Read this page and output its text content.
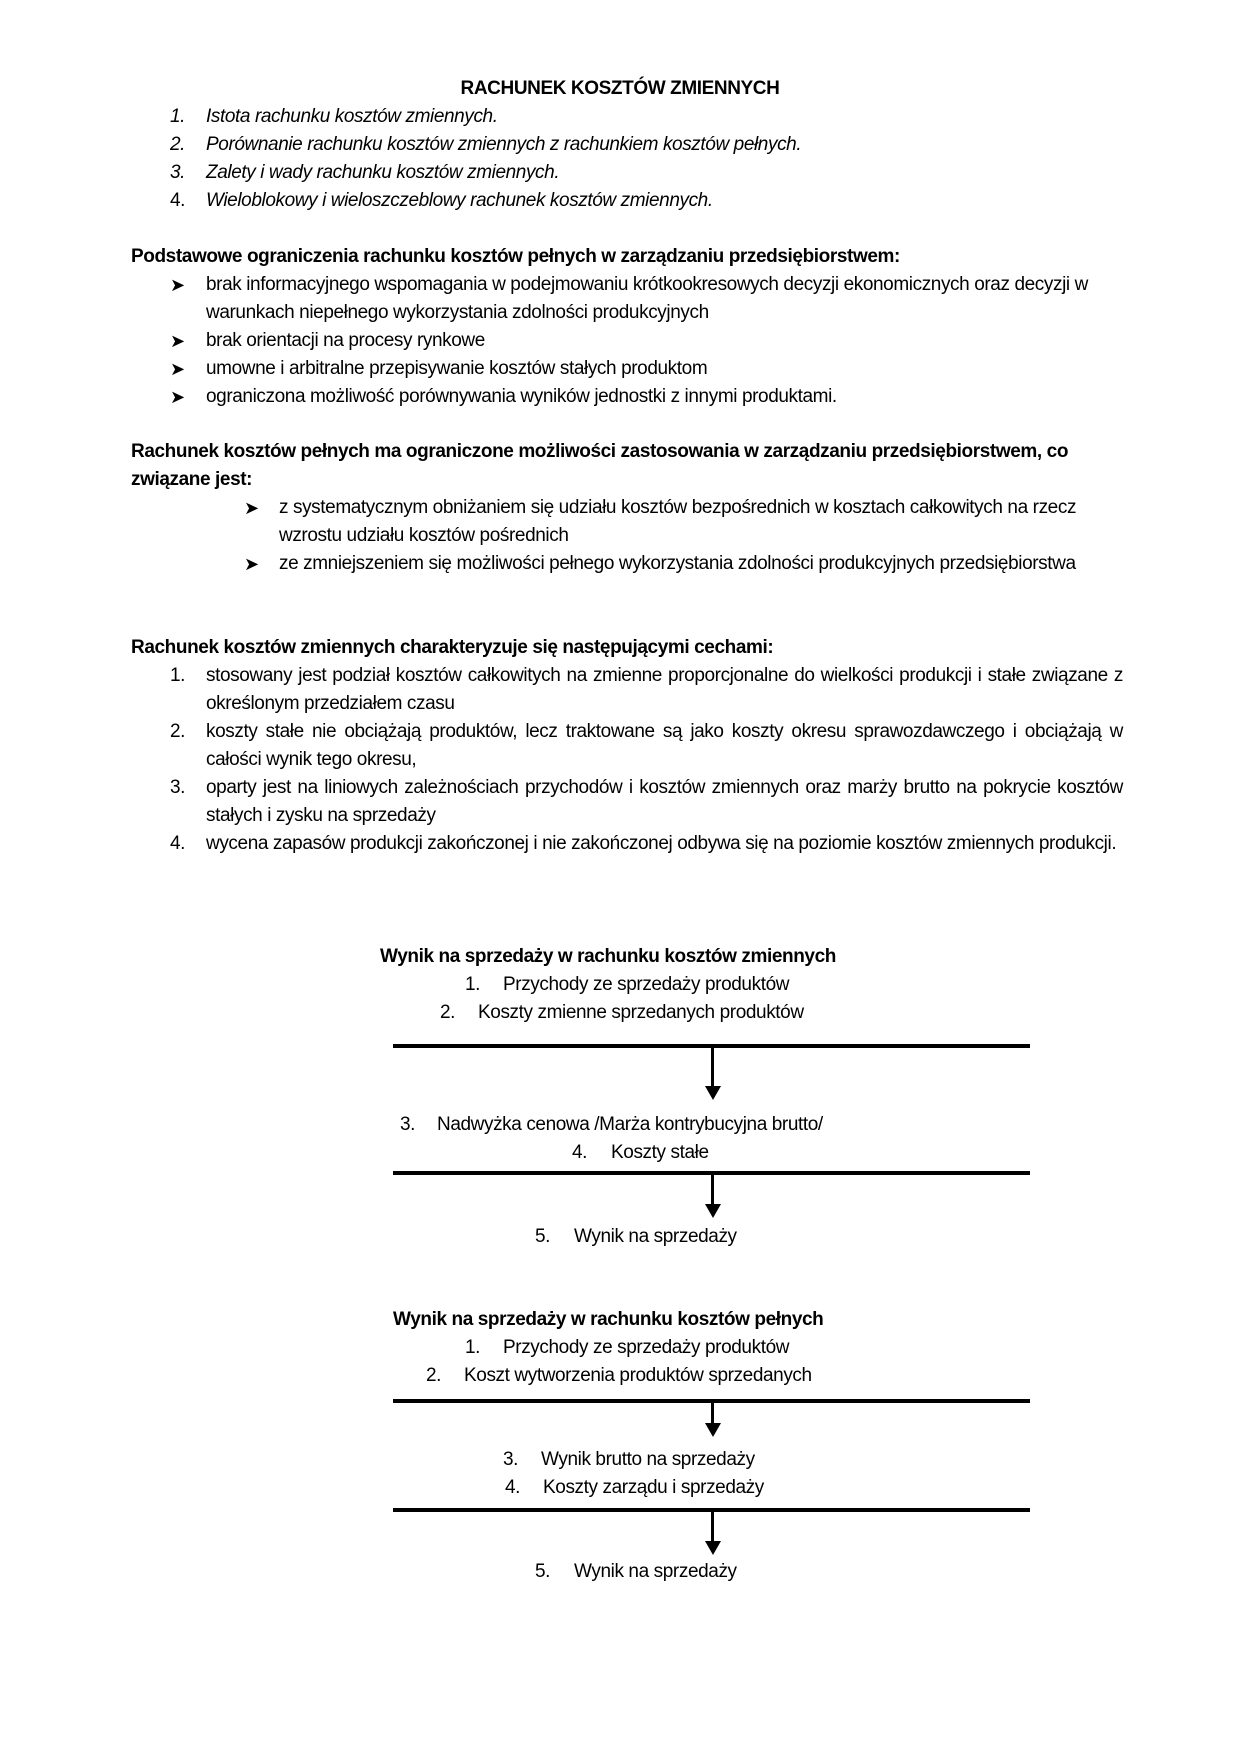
RACHUNEK KOSZTÓW ZMIENNYCH
1. Istota rachunku kosztów zmiennych.
2. Porównanie rachunku kosztów zmiennych z rachunkiem kosztów pełnych.
3. Zalety i wady rachunku kosztów zmiennych.
4. Wieloblokowy i wieloszczeblowy rachunek kosztów zmiennych.
Podstawowe ograniczenia rachunku kosztów pełnych w zarządzaniu przedsiębiorstwem:
➤ brak informacyjnego wspomagania w podejmowaniu krótkookresowych decyzji ekonomicznych oraz decyzji w warunkach niepełnego wykorzystania zdolności produkcyjnych
➤ brak orientacji na procesy rynkowe
➤ umowne i arbitralne przepisywanie kosztów stałych produktom
➤ ograniczona możliwość porównywania wyników jednostki z innymi produktami.
Rachunek kosztów pełnych ma ograniczone możliwości zastosowania w zarządzaniu przedsiębiorstwem, co związane jest:
➤ z systematycznym obniżaniem się udziału kosztów bezpośrednich w kosztach całkowitych na rzecz wzrostu udziału kosztów pośrednich
➤ ze zmniejszeniem się możliwości pełnego wykorzystania zdolności produkcyjnych przedsiębiorstwa
Rachunek kosztów zmiennych charakteryzuje się następującymi cechami:
1. stosowany jest podział kosztów całkowitych na zmienne proporcjonalne do wielkości produkcji i stałe związane z określonym przedziałem czasu
2. koszty stałe nie obciążają produktów, lecz traktowane są jako koszty okresu sprawozdawczego i obciążają w całości wynik tego okresu,
3. oparty jest na liniowych zależnościach przychodów i kosztów zmiennych oraz marży brutto na pokrycie kosztów stałych i zysku na sprzedaży
4. wycena zapasów produkcji zakończonej i nie zakończonej odbywa się na poziomie kosztów zmiennych produkcji.
Wynik na sprzedaży w rachunku kosztów zmiennych
1. Przychody ze sprzedaży produktów
2. Koszty zmienne sprzedanych produktów
3. Nadwyżka cenowa /Marża kontrybucyjna brutto/
4. Koszty stałe
5. Wynik na sprzedaży
Wynik na sprzedaży w rachunku kosztów pełnych
1. Przychody ze sprzedaży produktów
2. Koszt wytworzenia produktów sprzedanych
3. Wynik brutto na sprzedaży
4. Koszty zarządu i sprzedaży
5. Wynik na sprzedaży
